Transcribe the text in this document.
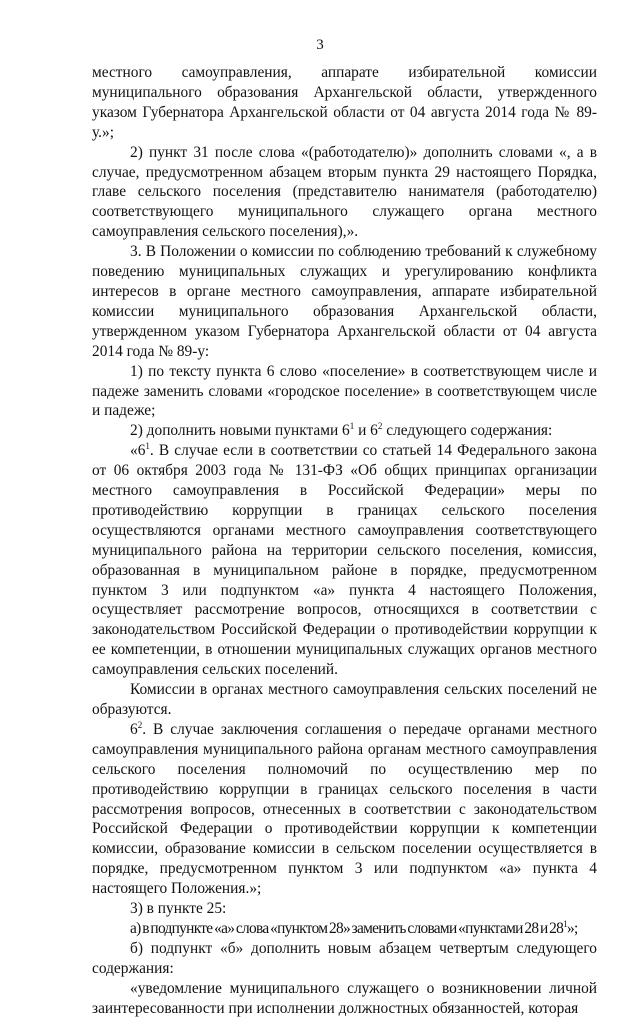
3

местного самоуправления, аппарате избирательной комиссии муниципального образования Архангельской области, утвержденного указом Губернатора Архангельской области от 04 августа 2014 года № 89-у.»;

2) пункт 31 после слова «(работодателю)» дополнить словами «, а в случае, предусмотренном абзацем вторым пункта 29 настоящего Порядка, главе сельского поселения (представителю нанимателя (работодателю) соответствующего муниципального служащего органа местного самоуправления сельского поселения),».

3. В Положении о комиссии по соблюдению требований к служебному поведению муниципальных служащих и урегулированию конфликта интересов в органе местного самоуправления, аппарате избирательной комиссии муниципального образования Архангельской области, утвержденном указом Губернатора Архангельской области от 04 августа 2014 года № 89-у:

1) по тексту пункта 6 слово «поселение» в соответствующем числе и падеже заменить словами «городское поселение» в соответствующем числе и падеже;

2) дополнить новыми пунктами $6^1$ и $6^2$ следующего содержания:

«$6^1$. В случае если в соответствии со статьей 14 Федерального закона от 06 октября 2003 года № 131-ФЗ «Об общих принципах организации местного самоуправления в Российской Федерации» меры по противодействию коррупции в границах сельского поселения осуществляются органами местного самоуправления соответствующего муниципального района на территории сельского поселения, комиссия, образованная в муниципальном районе в порядке, предусмотренном пунктом 3 или подпунктом «а» пункта 4 настоящего Положения, осуществляет рассмотрение вопросов, относящихся в соответствии с законодательством Российской Федерации о противодействии коррупции к ее компетенции, в отношении муниципальных служащих органов местного самоуправления сельских поселений.

Комиссии в органах местного самоуправления сельских поселений не образуются.

$6^2$. В случае заключения соглашения о передаче органами местного самоуправления муниципального района органам местного самоуправления сельского поселения полномочий по осуществлению мер по противодействию коррупции в границах сельского поселения в части рассмотрения вопросов, отнесенных в соответствии с законодательством Российской Федерации о противодействии коррупции к компетенции комиссии, образование комиссии в сельском поселении осуществляется в порядке, предусмотренном пунктом 3 или подпунктом «а» пункта 4 настоящего Положения.»;

3) в пункте 25:

а) в подпункте «а» слова «пунктом 28» заменить словами «пунктами 28 и $28^1$»;

б) подпункт «б» дополнить новым абзацем четвертым следующего содержания:

«уведомление муниципального служащего о возникновении личной заинтересованности при исполнении должностных обязанностей, которая
